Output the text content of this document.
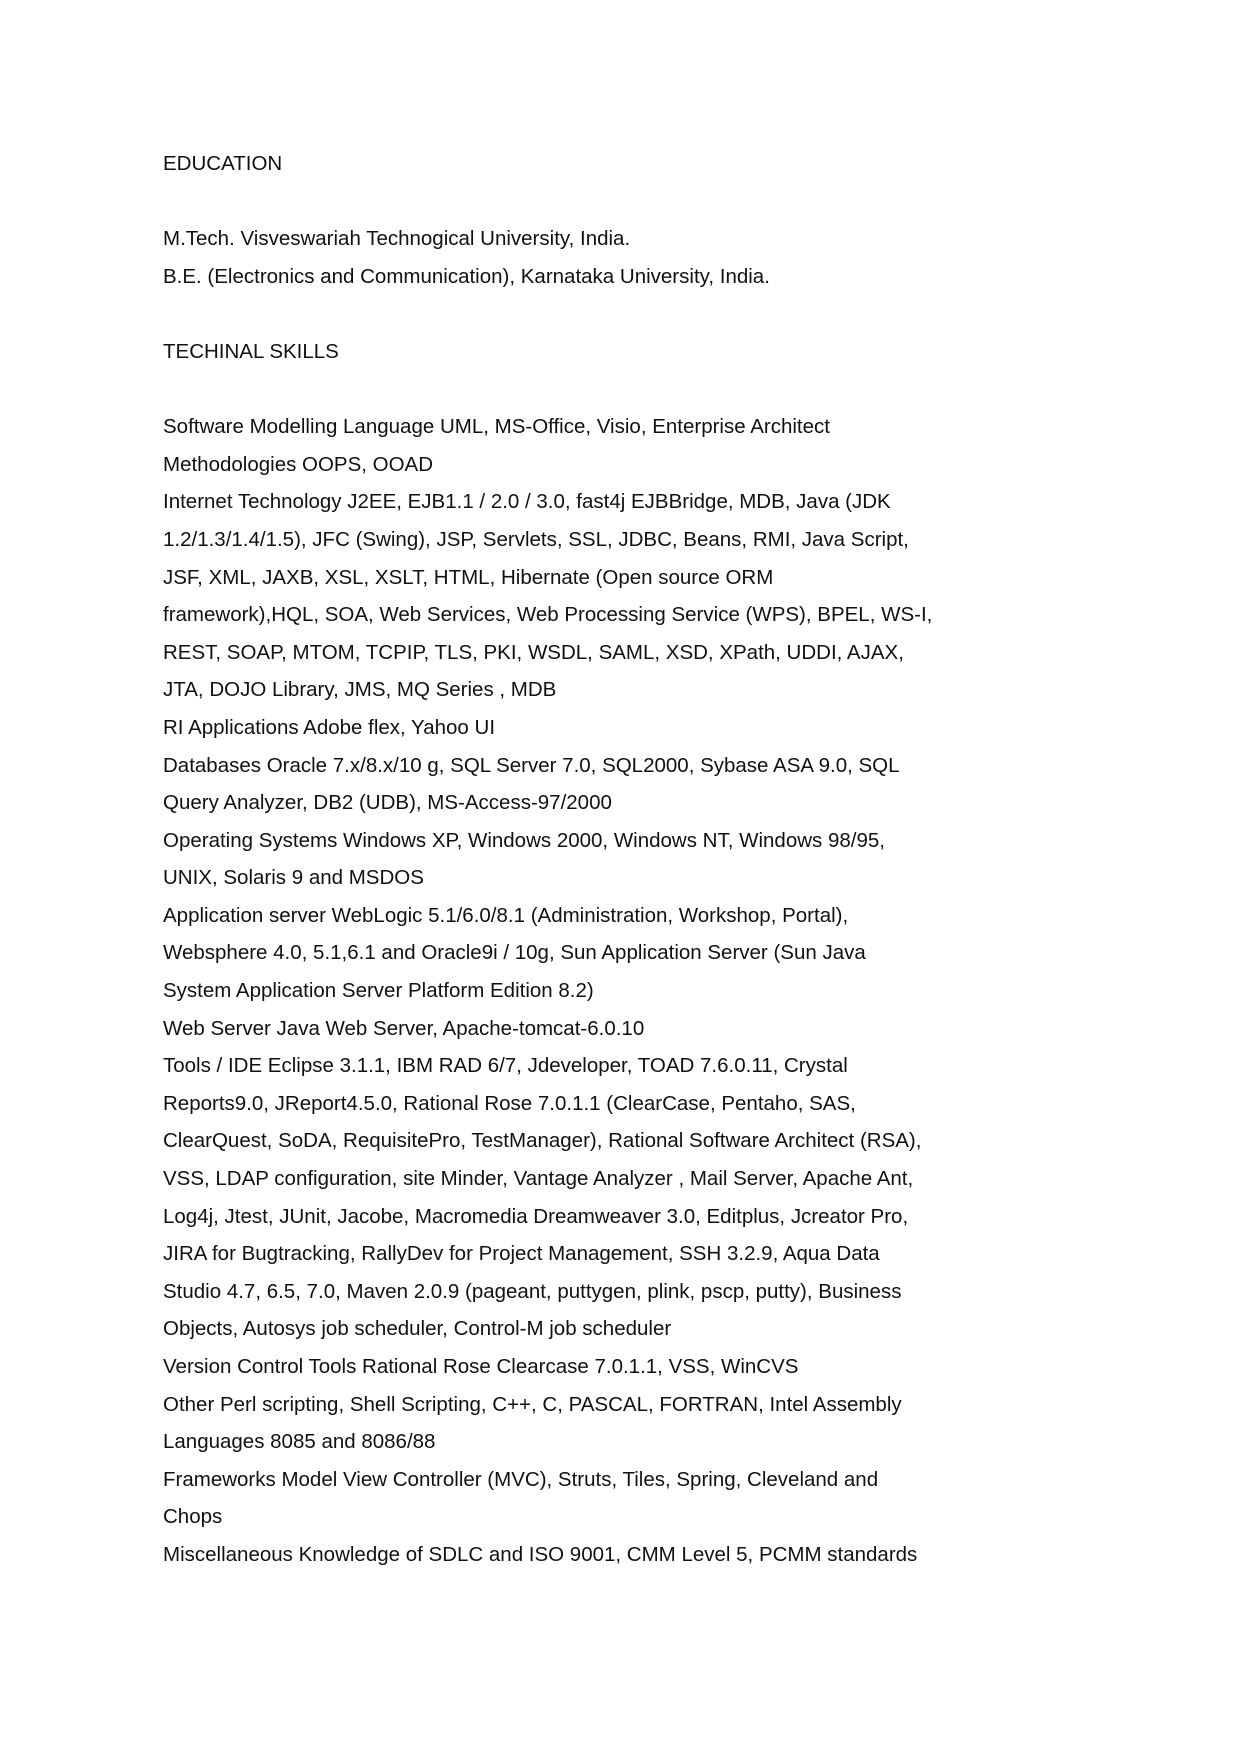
EDUCATION
M.Tech. Visveswariah Technogical University, India.
B.E. (Electronics and Communication), Karnataka University, India.
TECHINAL SKILLS
Software Modelling Language UML, MS-Office, Visio, Enterprise Architect
Methodologies OOPS, OOAD
Internet Technology J2EE, EJB1.1 / 2.0 / 3.0, fast4j EJBBridge, MDB, Java (JDK
1.2/1.3/1.4/1.5), JFC (Swing), JSP, Servlets, SSL, JDBC, Beans, RMI, Java Script,
JSF, XML, JAXB, XSL, XSLT, HTML, Hibernate (Open source ORM
framework),HQL, SOA, Web Services, Web Processing Service (WPS), BPEL, WS-I,
REST, SOAP, MTOM, TCPIP, TLS, PKI, WSDL, SAML, XSD, XPath, UDDI, AJAX,
JTA, DOJO Library, JMS, MQ Series , MDB
RI Applications Adobe flex, Yahoo UI
Databases Oracle 7.x/8.x/10 g, SQL Server 7.0, SQL2000, Sybase ASA 9.0, SQL
Query Analyzer, DB2 (UDB), MS-Access-97/2000
Operating Systems Windows XP, Windows 2000, Windows NT, Windows 98/95,
UNIX, Solaris 9 and MSDOS
Application server WebLogic 5.1/6.0/8.1 (Administration, Workshop, Portal),
Websphere 4.0, 5.1,6.1 and Oracle9i / 10g, Sun Application Server (Sun Java
System Application Server Platform Edition 8.2)
Web Server Java Web Server, Apache-tomcat-6.0.10
Tools / IDE Eclipse 3.1.1, IBM RAD 6/7, Jdeveloper, TOAD 7.6.0.11, Crystal
Reports9.0, JReport4.5.0, Rational Rose 7.0.1.1 (ClearCase, Pentaho, SAS,
ClearQuest, SoDA, RequisitePro, TestManager), Rational Software Architect (RSA),
VSS, LDAP configuration, site Minder, Vantage Analyzer , Mail Server, Apache Ant,
Log4j, Jtest, JUnit, Jacobe, Macromedia Dreamweaver 3.0, Editplus, Jcreator Pro,
JIRA for Bugtracking, RallyDev for Project Management, SSH 3.2.9, Aqua Data
Studio 4.7, 6.5, 7.0, Maven 2.0.9 (pageant, puttygen, plink, pscp, putty), Business
Objects, Autosys job scheduler, Control-M job scheduler
Version Control Tools Rational Rose Clearcase 7.0.1.1, VSS, WinCVS
Other Perl scripting, Shell Scripting, C++, C, PASCAL, FORTRAN, Intel Assembly
Languages 8085 and 8086/88
Frameworks Model View Controller (MVC), Struts, Tiles, Spring, Cleveland and
Chops
Miscellaneous Knowledge of SDLC and ISO 9001, CMM Level 5, PCMM standards
